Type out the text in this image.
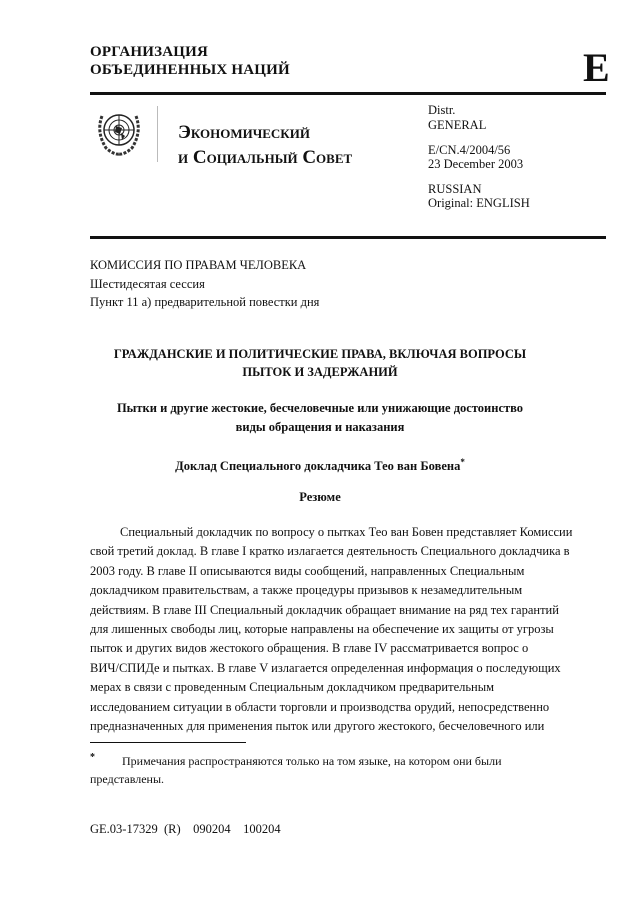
ОРГАНИЗАЦИЯ
ОБЪЕДИНЕННЫХ НАЦИЙ	E
Экономический
и Социальный Совет
Distr.
GENERAL
E/CN.4/2004/56
23 December 2003
RUSSIAN
Original: ENGLISH
КОМИССИЯ ПО ПРАВАМ ЧЕЛОВЕКА
Шестидесятая сессия
Пункт 11 а) предварительной повестки дня
ГРАЖДАНСКИЕ И ПОЛИТИЧЕСКИЕ ПРАВА, ВКЛЮЧАЯ ВОПРОСЫ
ПЫТОК И ЗАДЕРЖАНИЙ
Пытки и другие жестокие, бесчеловечные или унижающие достоинство
виды обращения и наказания
Доклад Специального докладчика Тео ван Бовена*
Резюме
Специальный докладчик по вопросу о пытках Тео ван Бовен представляет Комиссии
свой третий доклад. В главе I кратко излагается деятельность Специального докладчика в
2003 году. В главе II описываются виды сообщений, направленных Специальным
докладчиком правительствам, а также процедуры призывов к незамедлительным
действиям. В главе III Специальный докладчик обращает внимание на ряд тех гарантий
для лишенных свободы лиц, которые направлены на обеспечение их защиты от угрозы
пыток и других видов жестокого обращения. В главе IV рассматривается вопрос о
ВИЧ/СПИДе и пытках. В главе V излагается определенная информация о последующих
мерах в связи с проведенным Специальным докладчиком предварительным
исследованием ситуации в области торговли и производства орудий, непосредственно
предназначенных для применения пыток или другого жестокого, бесчеловечного или
* Примечания распространяются только на том языке, на котором они были
представлены.
GE.03-17329  (R)    090204    100204
